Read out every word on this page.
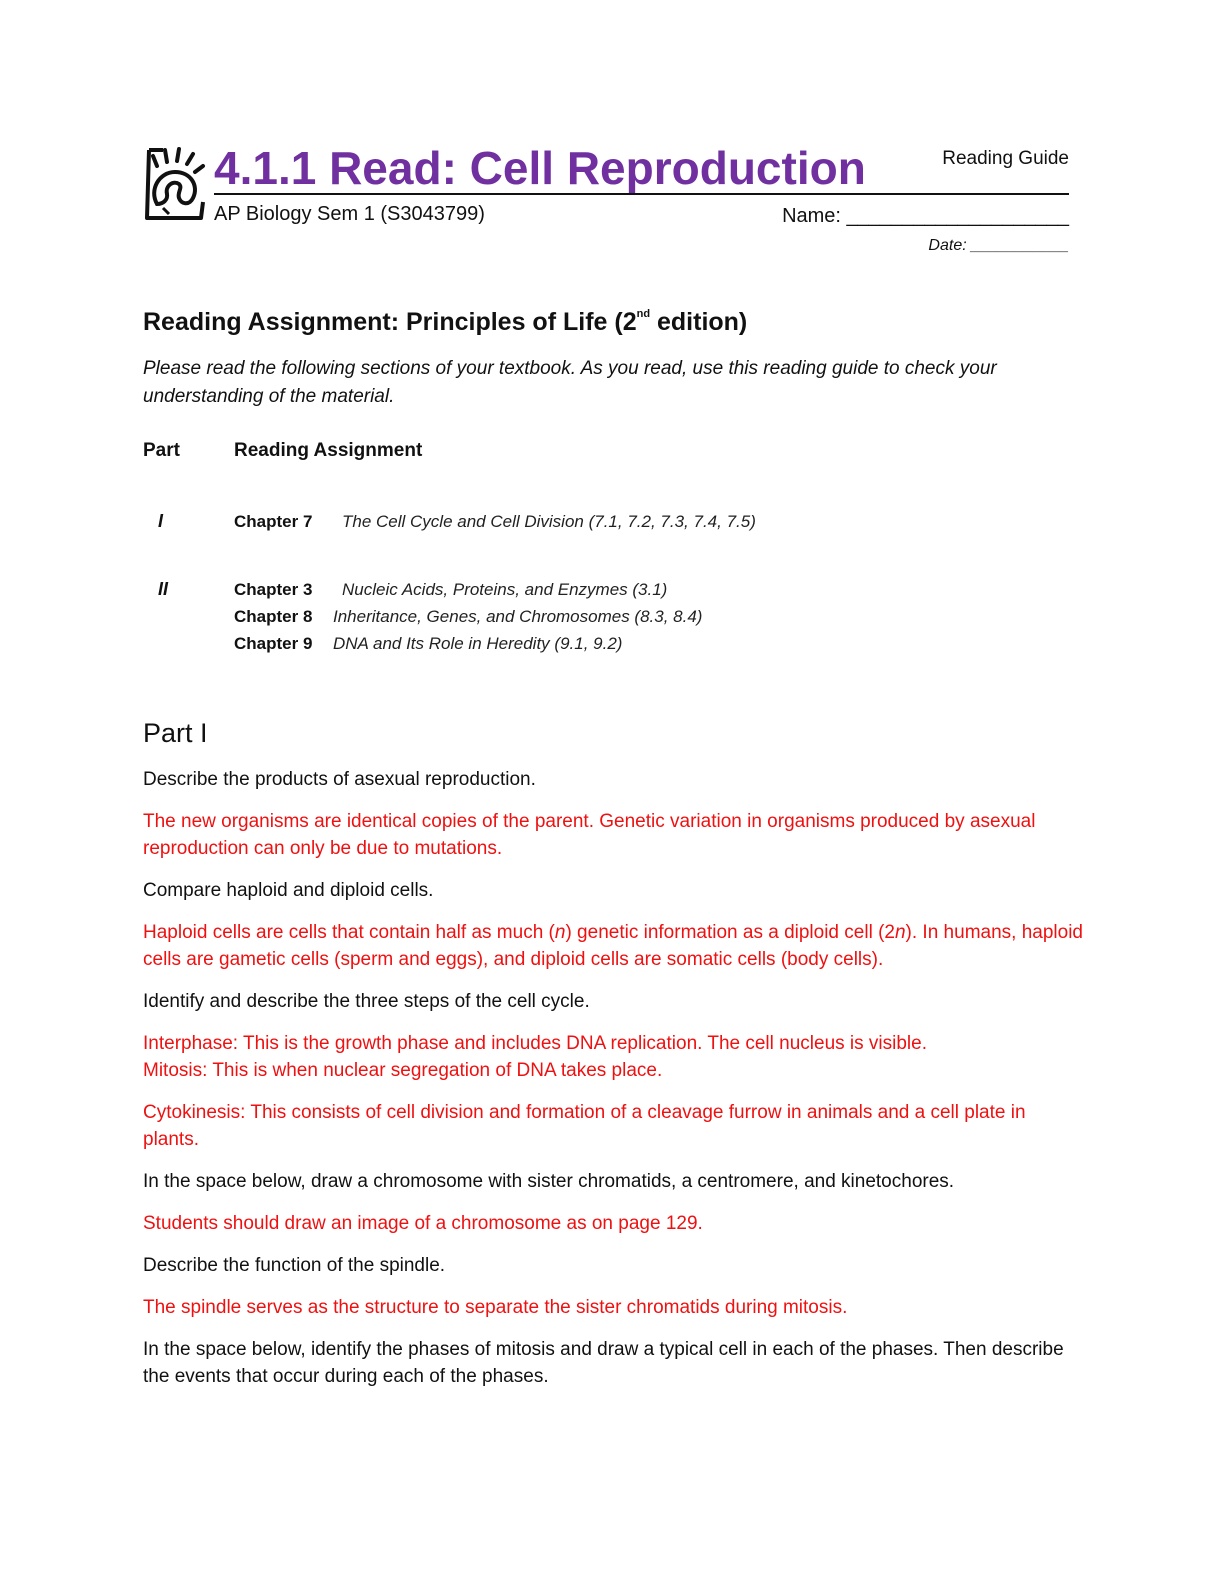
4.1.1 Read: Cell Reproduction	Reading Guide
AP Biology Sem 1 (S3043799)	Name: ____________________
Date: ___________
Reading Assignment: Principles of Life (2nd edition)
Please read the following sections of your textbook. As you read, use this reading guide to check your understanding of the material.
Part	Reading Assignment
I	Chapter 7 The Cell Cycle and Cell Division (7.1, 7.2, 7.3, 7.4, 7.5)
II	Chapter 3 Nucleic Acids, Proteins, and Enzymes (3.1)
Chapter 8 Inheritance, Genes, and Chromosomes (8.3, 8.4)
Chapter 9 DNA and Its Role in Heredity (9.1, 9.2)
Part I

Describe the products of asexual reproduction.

The new organisms are identical copies of the parent. Genetic variation in organisms produced by asexual reproduction can only be due to mutations.

Compare haploid and diploid cells.

Haploid cells are cells that contain half as much (n) genetic information as a diploid cell (2n). In humans, haploid cells are gametic cells (sperm and eggs), and diploid cells are somatic cells (body cells).

Identify and describe the three steps of the cell cycle.

Interphase: This is the growth phase and includes DNA replication. The cell nucleus is visible.

Mitosis: This is when nuclear segregation of DNA takes place.

Cytokinesis: This consists of cell division and formation of a cleavage furrow in animals and a cell plate in plants.

In the space below, draw a chromosome with sister chromatids, a centromere, and kinetochores.

Students should draw an image of a chromosome as on page 129.

Describe the function of the spindle.

The spindle serves as the structure to separate the sister chromatids during mitosis.

In the space below, identify the phases of mitosis and draw a typical cell in each of the phases. Then describe the events that occur during each of the phases.
